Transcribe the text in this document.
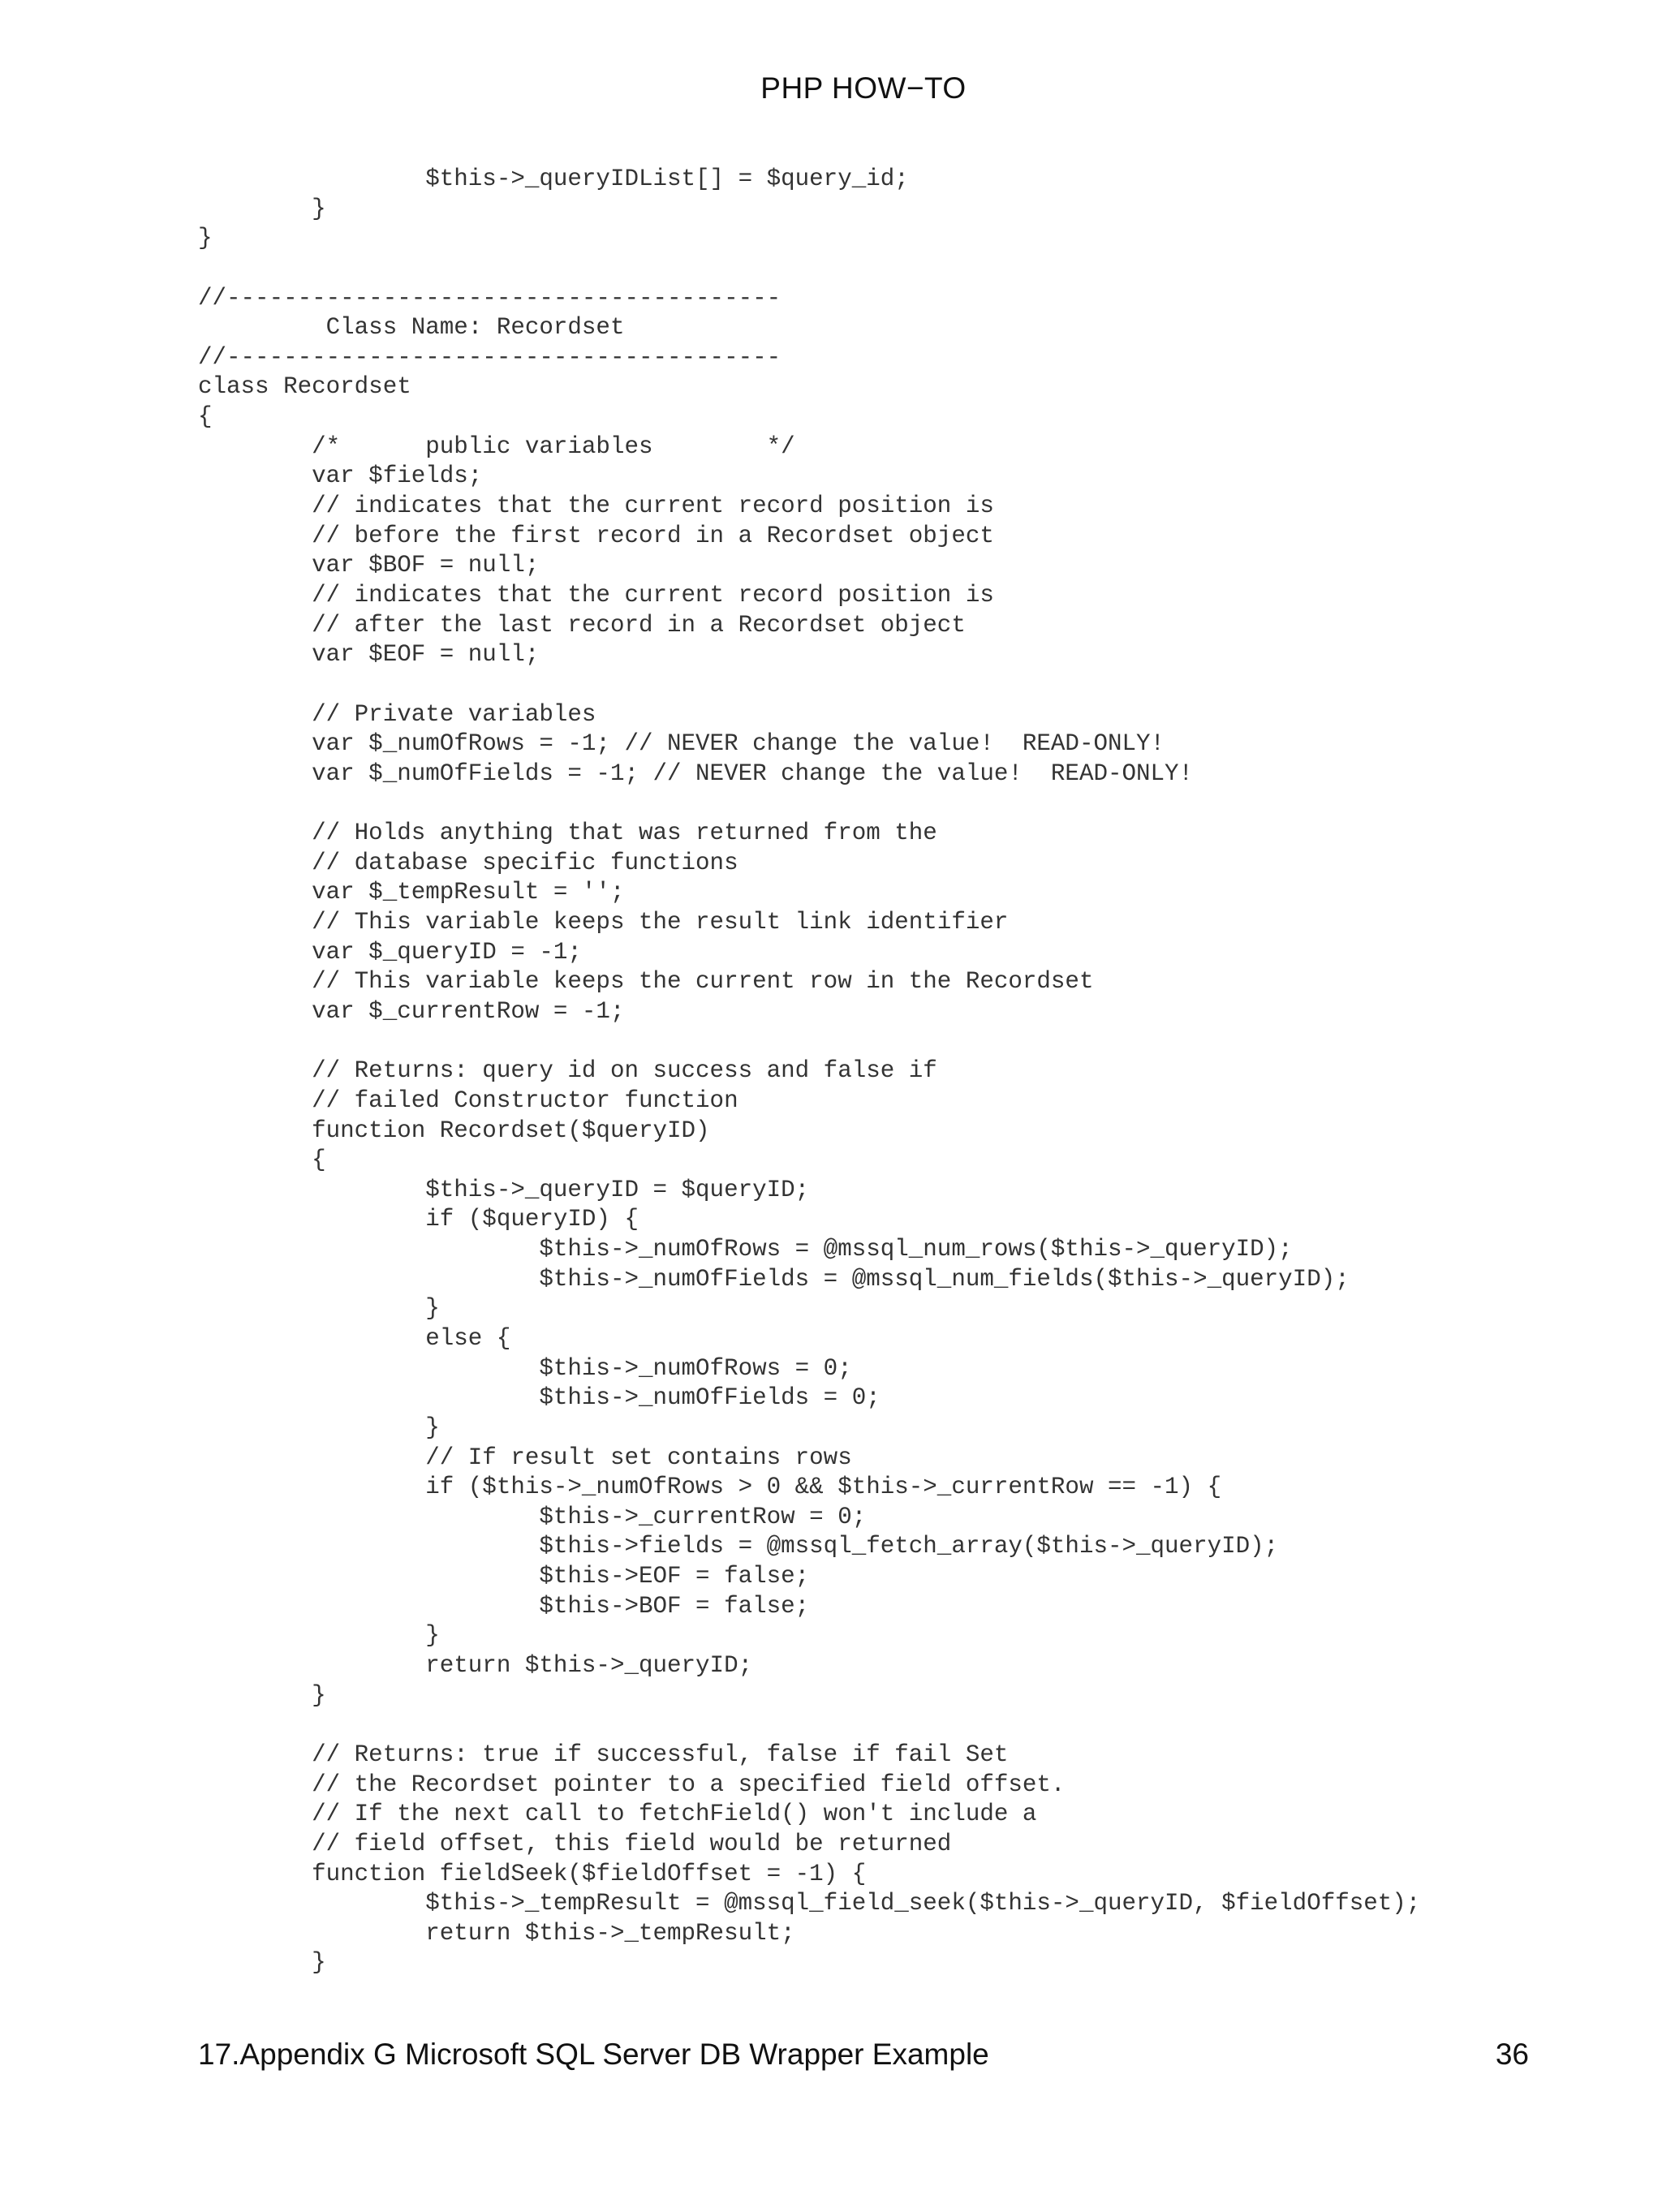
PHP HOW−TO
$this->_queryIDList[] = $query_id;
}
}
//---------------------------------------
Class Name: Recordset
//---------------------------------------
class Recordset
{
/*      public variables        */
var $fields;
// indicates that the current record position is
// before the first record in a Recordset object
var $BOF = null;
// indicates that the current record position is
// after the last record in a Recordset object
var $EOF = null;
// Private variables
var $_numOfRows = -1; // NEVER change the value!  READ-ONLY!
var $_numOfFields = -1; // NEVER change the value!  READ-ONLY!
// Holds anything that was returned from the
// database specific functions
var $_tempResult = '';
// This variable keeps the result link identifier
var $_queryID = -1;
// This variable keeps the current row in the Recordset
var $_currentRow = -1;
// Returns: query id on success and false if
// failed Constructor function
function Recordset($queryID)
{
$this->_queryID = $queryID;
if ($queryID) {
$this->_numOfRows = @mssql_num_rows($this->_queryID);
$this->_numOfFields = @mssql_num_fields($this->_queryID);
}
else {
$this->_numOfRows = 0;
$this->_numOfFields = 0;
}
// If result set contains rows
if ($this->_numOfRows > 0 && $this->_currentRow == -1) {
$this->_currentRow = 0;
$this->fields = @mssql_fetch_array($this->_queryID);
$this->EOF = false;
$this->BOF = false;
}
return $this->_queryID;
}
// Returns: true if successful, false if fail Set
// the Recordset pointer to a specified field offset.
// If the next call to fetchField() won't include a
// field offset, this field would be returned
function fieldSeek($fieldOffset = -1) {
$this->_tempResult = @mssql_field_seek($this->_queryID, $fieldOffset);
return $this->_tempResult;
}
17.Appendix G Microsoft SQL Server DB Wrapper Example	36
